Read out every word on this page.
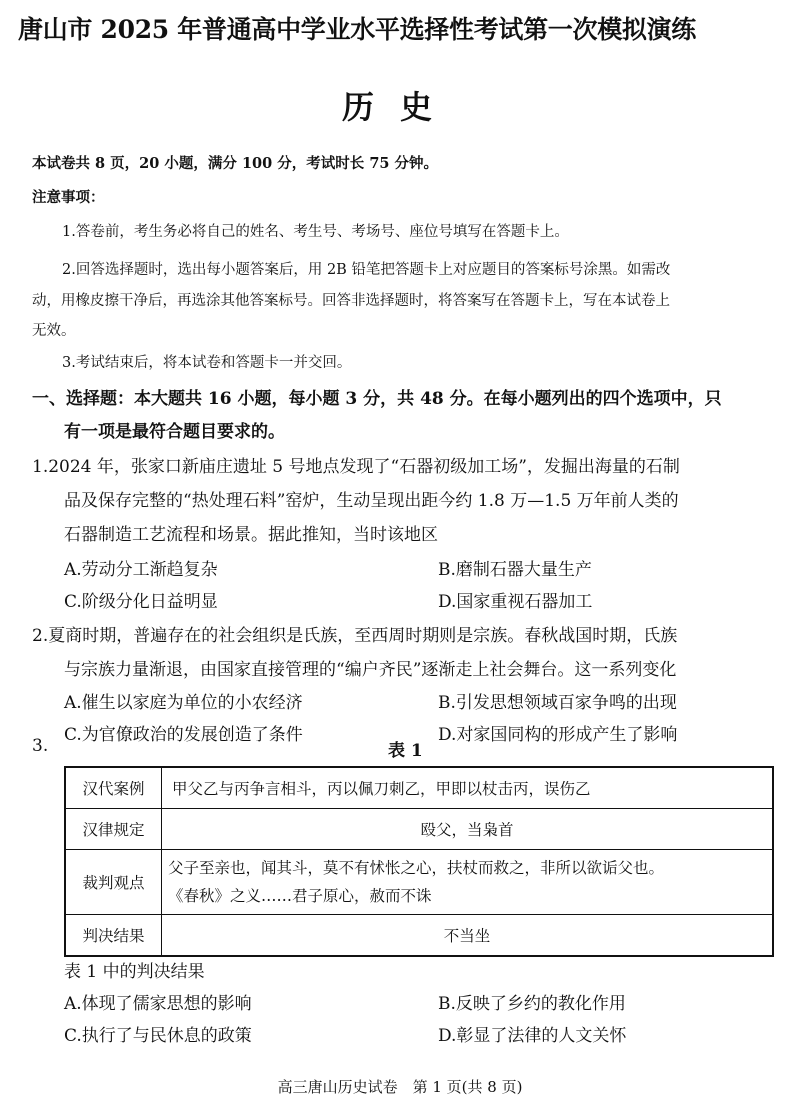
唐山市 2025 年普通高中学业水平选择性考试第一次模拟演练
历史
本试卷共 8 页，20 小题，满分 100 分，考试时长 75 分钟。
注意事项：
1.答卷前，考生务必将自己的姓名、考生号、考场号、座位号填写在答题卡上。
2.回答选择题时，选出每小题答案后，用 2B 铅笔把答题卡上对应题目的答案标号涂黑。如需改
动，用橡皮擦干净后，再选涂其他答案标号。回答非选择题时，将答案写在答题卡上，写在本试卷上
无效。
3.考试结束后，将本试卷和答题卡一并交回。
一、选择题：本大题共 16 小题，每小题 3 分，共 48 分。在每小题列出的四个选项中，只
有一项是最符合题目要求的。
1.2024 年，张家口新庙庄遗址 5 号地点发现了“石器初级加工场”，发掘出海量的石制
品及保存完整的“热处理石料”窑炉，生动呈现出距今约 1.8 万—1.5 万年前人类的
石器制造工艺流程和场景。据此推知，当时该地区
A.劳动分工渐趋复杂	B.磨制石器大量生产
C.阶级分化日益明显	D.国家重视石器加工
2.夏商时期，普遍存在的社会组织是氏族，至西周时期则是宗族。春秋战国时期，氏族
与宗族力量渐退，由国家直接管理的“编户齐民”逐渐走上社会舞台。这一系列变化
A.催生以家庭为单位的小农经济	B.引发思想领域百家争鸣的出现
C.为官僚政治的发展创造了条件	D.对家国同构的形成产生了影响
3.	表 1
汉代案例	甲父乙与丙争言相斗，丙以佩刀刺乙，甲即以杖击丙，误伤乙
汉律规定	殴父，当枭首
裁判观点	父子至亲也，闻其斗，莫不有怵怅之心，扶杖而救之，非所以欲诟父也。
《春秋》之义……君子原心，赦而不诛

判决结果	不当坐
表 1 中的判决结果
A.体现了儒家思想的影响	B.反映了乡约的教化作用
C.执行了与民休息的政策	D.彰显了法律的人文关怀
高三唐山历史试卷　第 1 页(共 8 页)
